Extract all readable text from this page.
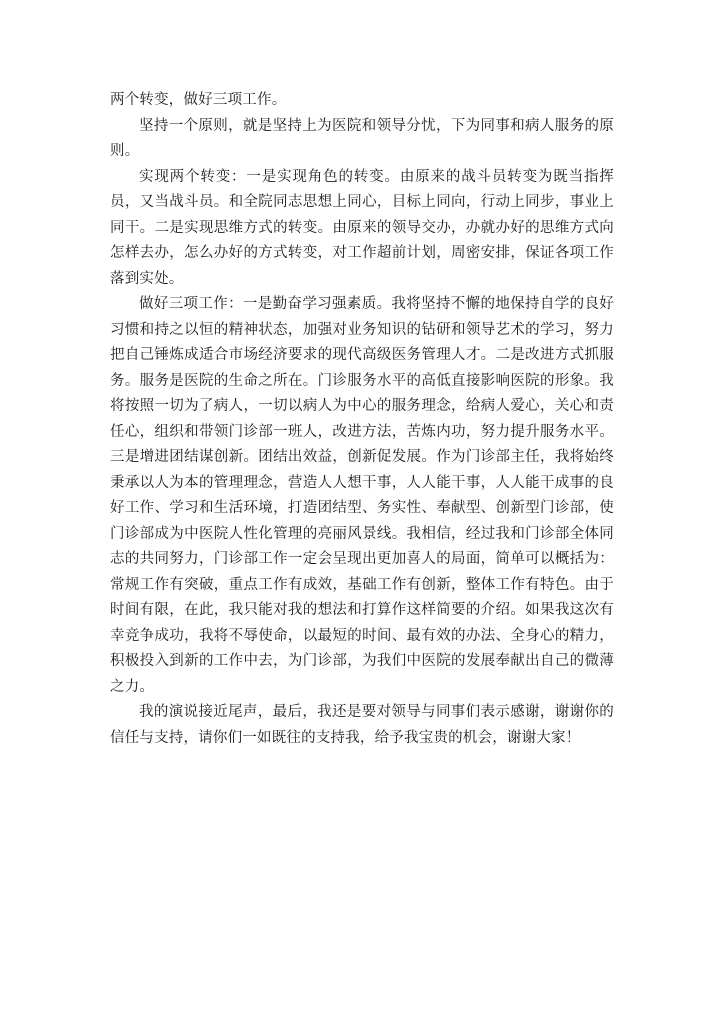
两个转变，做好三项工作。

坚持一个原则，就是坚持上为医院和领导分忧，下为同事和病人服务的原则。

实现两个转变：一是实现角色的转变。由原来的战斗员转变为既当指挥员，又当战斗员。和全院同志思想上同心，目标上同向，行动上同步，事业上同干。二是实现思维方式的转变。由原来的领导交办，办就办好的思维方式向怎样去办，怎么办好的方式转变，对工作超前计划，周密安排，保证各项工作落到实处。

做好三项工作：一是勤奋学习强素质。我将坚持不懈的地保持自学的良好习惯和持之以恒的精神状态，加强对业务知识的钻研和领导艺术的学习，努力把自己锤炼成适合市场经济要求的现代高级医务管理人才。二是改进方式抓服务。服务是医院的生命之所在。门诊服务水平的高低直接影响医院的形象。我将按照一切为了病人，一切以病人为中心的服务理念，给病人爱心，关心和责任心，组织和带领门诊部一班人，改进方法，苦炼内功，努力提升服务水平。三是增进团结谋创新。团结出效益，创新促发展。作为门诊部主任，我将始终秉承以人为本的管理理念，营造人人想干事，人人能干事，人人能干成事的良好工作、学习和生活环境，打造团结型、务实性、奉献型、创新型门诊部，使门诊部成为中医院人性化管理的亮丽风景线。我相信，经过我和门诊部全体同志的共同努力，门诊部工作一定会呈现出更加喜人的局面，简单可以概括为：常规工作有突破，重点工作有成效，基础工作有创新，整体工作有特色。由于时间有限，在此，我只能对我的想法和打算作这样简要的介绍。如果我这次有幸竞争成功，我将不辱使命，以最短的时间、最有效的办法、全身心的精力，积极投入到新的工作中去，为门诊部，为我们中医院的发展奉献出自己的微薄之力。

我的演说接近尾声，最后，我还是要对领导与同事们表示感谢，谢谢你的信任与支持，请你们一如既往的支持我，给予我宝贵的机会，谢谢大家！
